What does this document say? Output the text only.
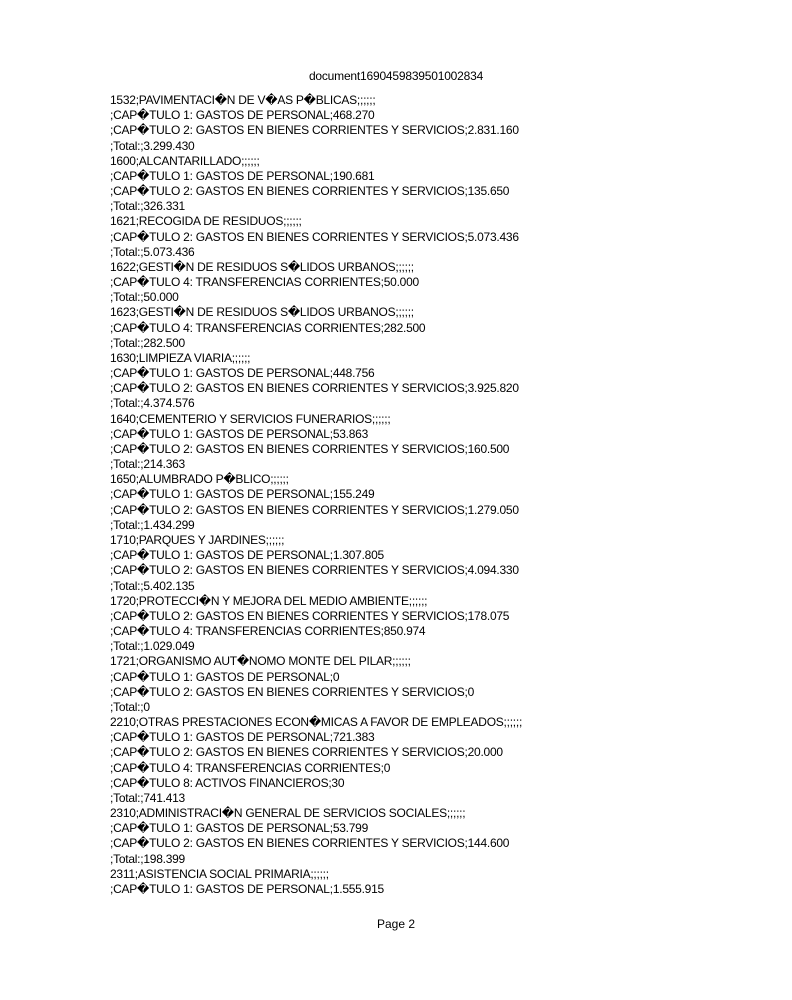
document1690459839501002834
1532;PAVIMENTACI�N DE V�AS P�BLICAS;;;;;;
;CAP�TULO 1: GASTOS DE PERSONAL;468.270
;CAP�TULO 2: GASTOS EN BIENES CORRIENTES Y SERVICIOS;2.831.160
;Total:;3.299.430
1600;ALCANTARILLADO;;;;;;
;CAP�TULO 1: GASTOS DE PERSONAL;190.681
;CAP�TULO 2: GASTOS EN BIENES CORRIENTES Y SERVICIOS;135.650
;Total:;326.331
1621;RECOGIDA DE RESIDUOS;;;;;;
;CAP�TULO 2: GASTOS EN BIENES CORRIENTES Y SERVICIOS;5.073.436
;Total:;5.073.436
1622;GESTI�N DE RESIDUOS S�LIDOS URBANOS;;;;;;
;CAP�TULO 4: TRANSFERENCIAS CORRIENTES;50.000
;Total:;50.000
1623;GESTI�N DE RESIDUOS S�LIDOS URBANOS;;;;;;
;CAP�TULO 4: TRANSFERENCIAS CORRIENTES;282.500
;Total:;282.500
1630;LIMPIEZA VIARIA;;;;;;
;CAP�TULO 1: GASTOS DE PERSONAL;448.756
;CAP�TULO 2: GASTOS EN BIENES CORRIENTES Y SERVICIOS;3.925.820
;Total:;4.374.576
1640;CEMENTERIO Y SERVICIOS FUNERARIOS;;;;;;
;CAP�TULO 1: GASTOS DE PERSONAL;53.863
;CAP�TULO 2: GASTOS EN BIENES CORRIENTES Y SERVICIOS;160.500
;Total:;214.363
1650;ALUMBRADO P�BLICO;;;;;;
;CAP�TULO 1: GASTOS DE PERSONAL;155.249
;CAP�TULO 2: GASTOS EN BIENES CORRIENTES Y SERVICIOS;1.279.050
;Total:;1.434.299
1710;PARQUES Y JARDINES;;;;;;
;CAP�TULO 1: GASTOS DE PERSONAL;1.307.805
;CAP�TULO 2: GASTOS EN BIENES CORRIENTES Y SERVICIOS;4.094.330
;Total:;5.402.135
1720;PROTECCI�N Y MEJORA DEL MEDIO AMBIENTE;;;;;;
;CAP�TULO 2: GASTOS EN BIENES CORRIENTES Y SERVICIOS;178.075
;CAP�TULO 4: TRANSFERENCIAS CORRIENTES;850.974
;Total:;1.029.049
1721;ORGANISMO AUT�NOMO MONTE DEL PILAR;;;;;;
;CAP�TULO 1: GASTOS DE PERSONAL;0
;CAP�TULO 2: GASTOS EN BIENES CORRIENTES Y SERVICIOS;0
;Total:;0
2210;OTRAS PRESTACIONES ECON�MICAS A FAVOR DE EMPLEADOS;;;;;;
;CAP�TULO 1: GASTOS DE PERSONAL;721.383
;CAP�TULO 2: GASTOS EN BIENES CORRIENTES Y SERVICIOS;20.000
;CAP�TULO 4: TRANSFERENCIAS CORRIENTES;0
;CAP�TULO 8: ACTIVOS FINANCIEROS;30
;Total:;741.413
2310;ADMINISTRACI�N GENERAL DE SERVICIOS SOCIALES;;;;;;
;CAP�TULO 1: GASTOS DE PERSONAL;53.799
;CAP�TULO 2: GASTOS EN BIENES CORRIENTES Y SERVICIOS;144.600
;Total:;198.399
2311;ASISTENCIA SOCIAL PRIMARIA;;;;;;
;CAP�TULO 1: GASTOS DE PERSONAL;1.555.915
Page 2
